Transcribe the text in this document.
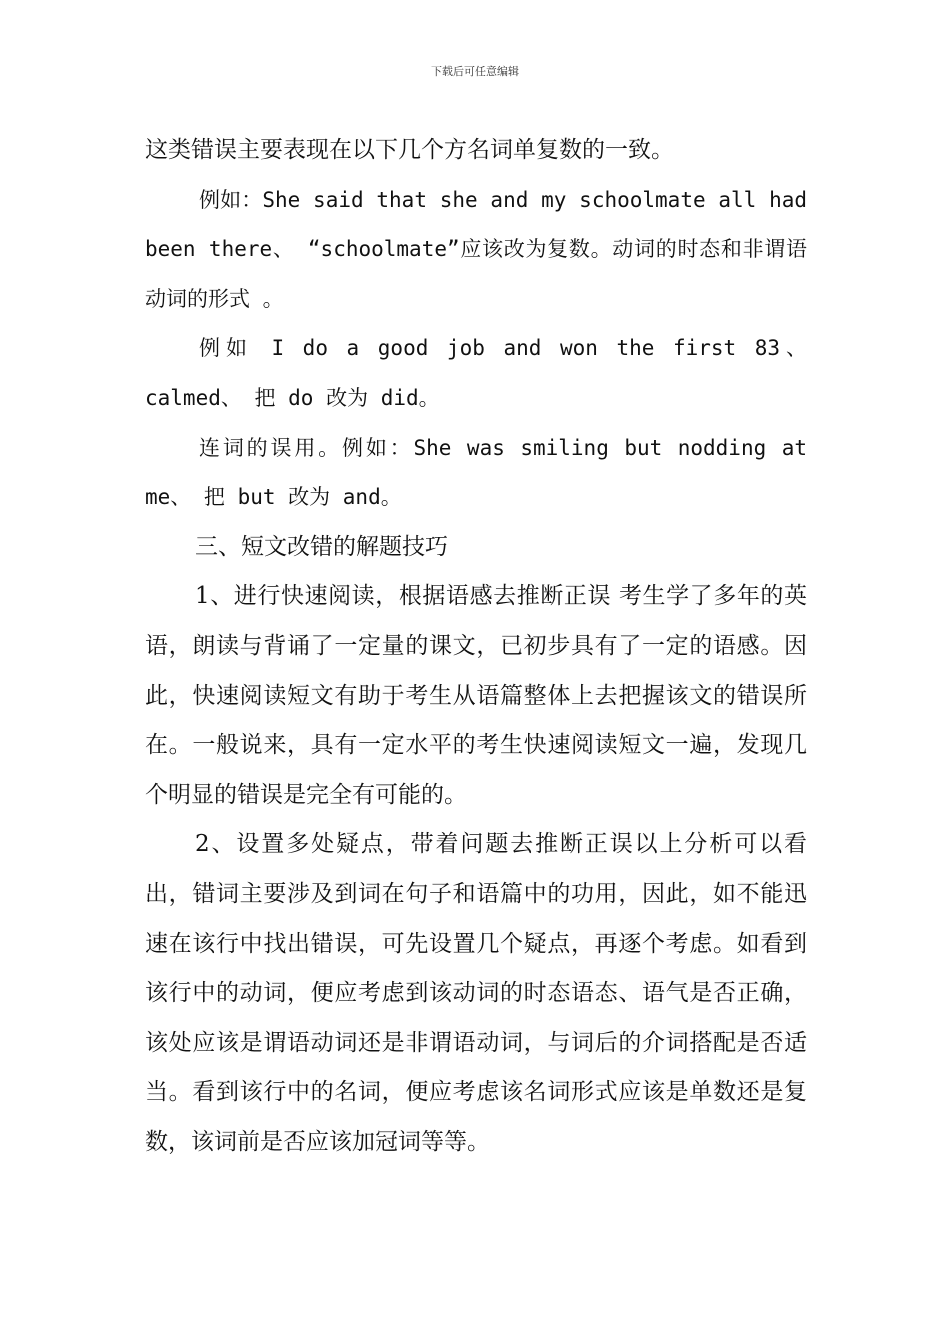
下载后可任意编辑

这类错误主要表现在以下几个方名词单复数的一致。

例如：She said that she and my schoolmate all had been there、 “schoolmate”应该改为复数。动词的时态和非谓语动词的形式 。

例如 I do a good job and won the first 83、calmed、 把 do 改为 did。

连词的误用。例如：She was smiling but nodding at me、 把 but 改为 and。

三、短文改错的解题技巧

1、进行快速阅读，根据语感去推断正误 考生学了多年的英语，朗读与背诵了一定量的课文，已初步具有了一定的语感。因此，快速阅读短文有助于考生从语篇整体上去把握该文的错误所在。一般说来，具有一定水平的考生快速阅读短文一遍，发现几个明显的错误是完全有可能的。

2、设置多处疑点，带着问题去推断正误以上分析可以看出，错词主要涉及到词在句子和语篇中的功用，因此，如不能迅速在该行中找出错误，可先设置几个疑点，再逐个考虑。如看到该行中的动词，便应考虑到该动词的时态语态、语气是否正确，该处应该是谓语动词还是非谓语动词，与词后的介词搭配是否适当。看到该行中的名词，便应考虑该名词形式应该是单数还是复数，该词前是否应该加冠词等等。
